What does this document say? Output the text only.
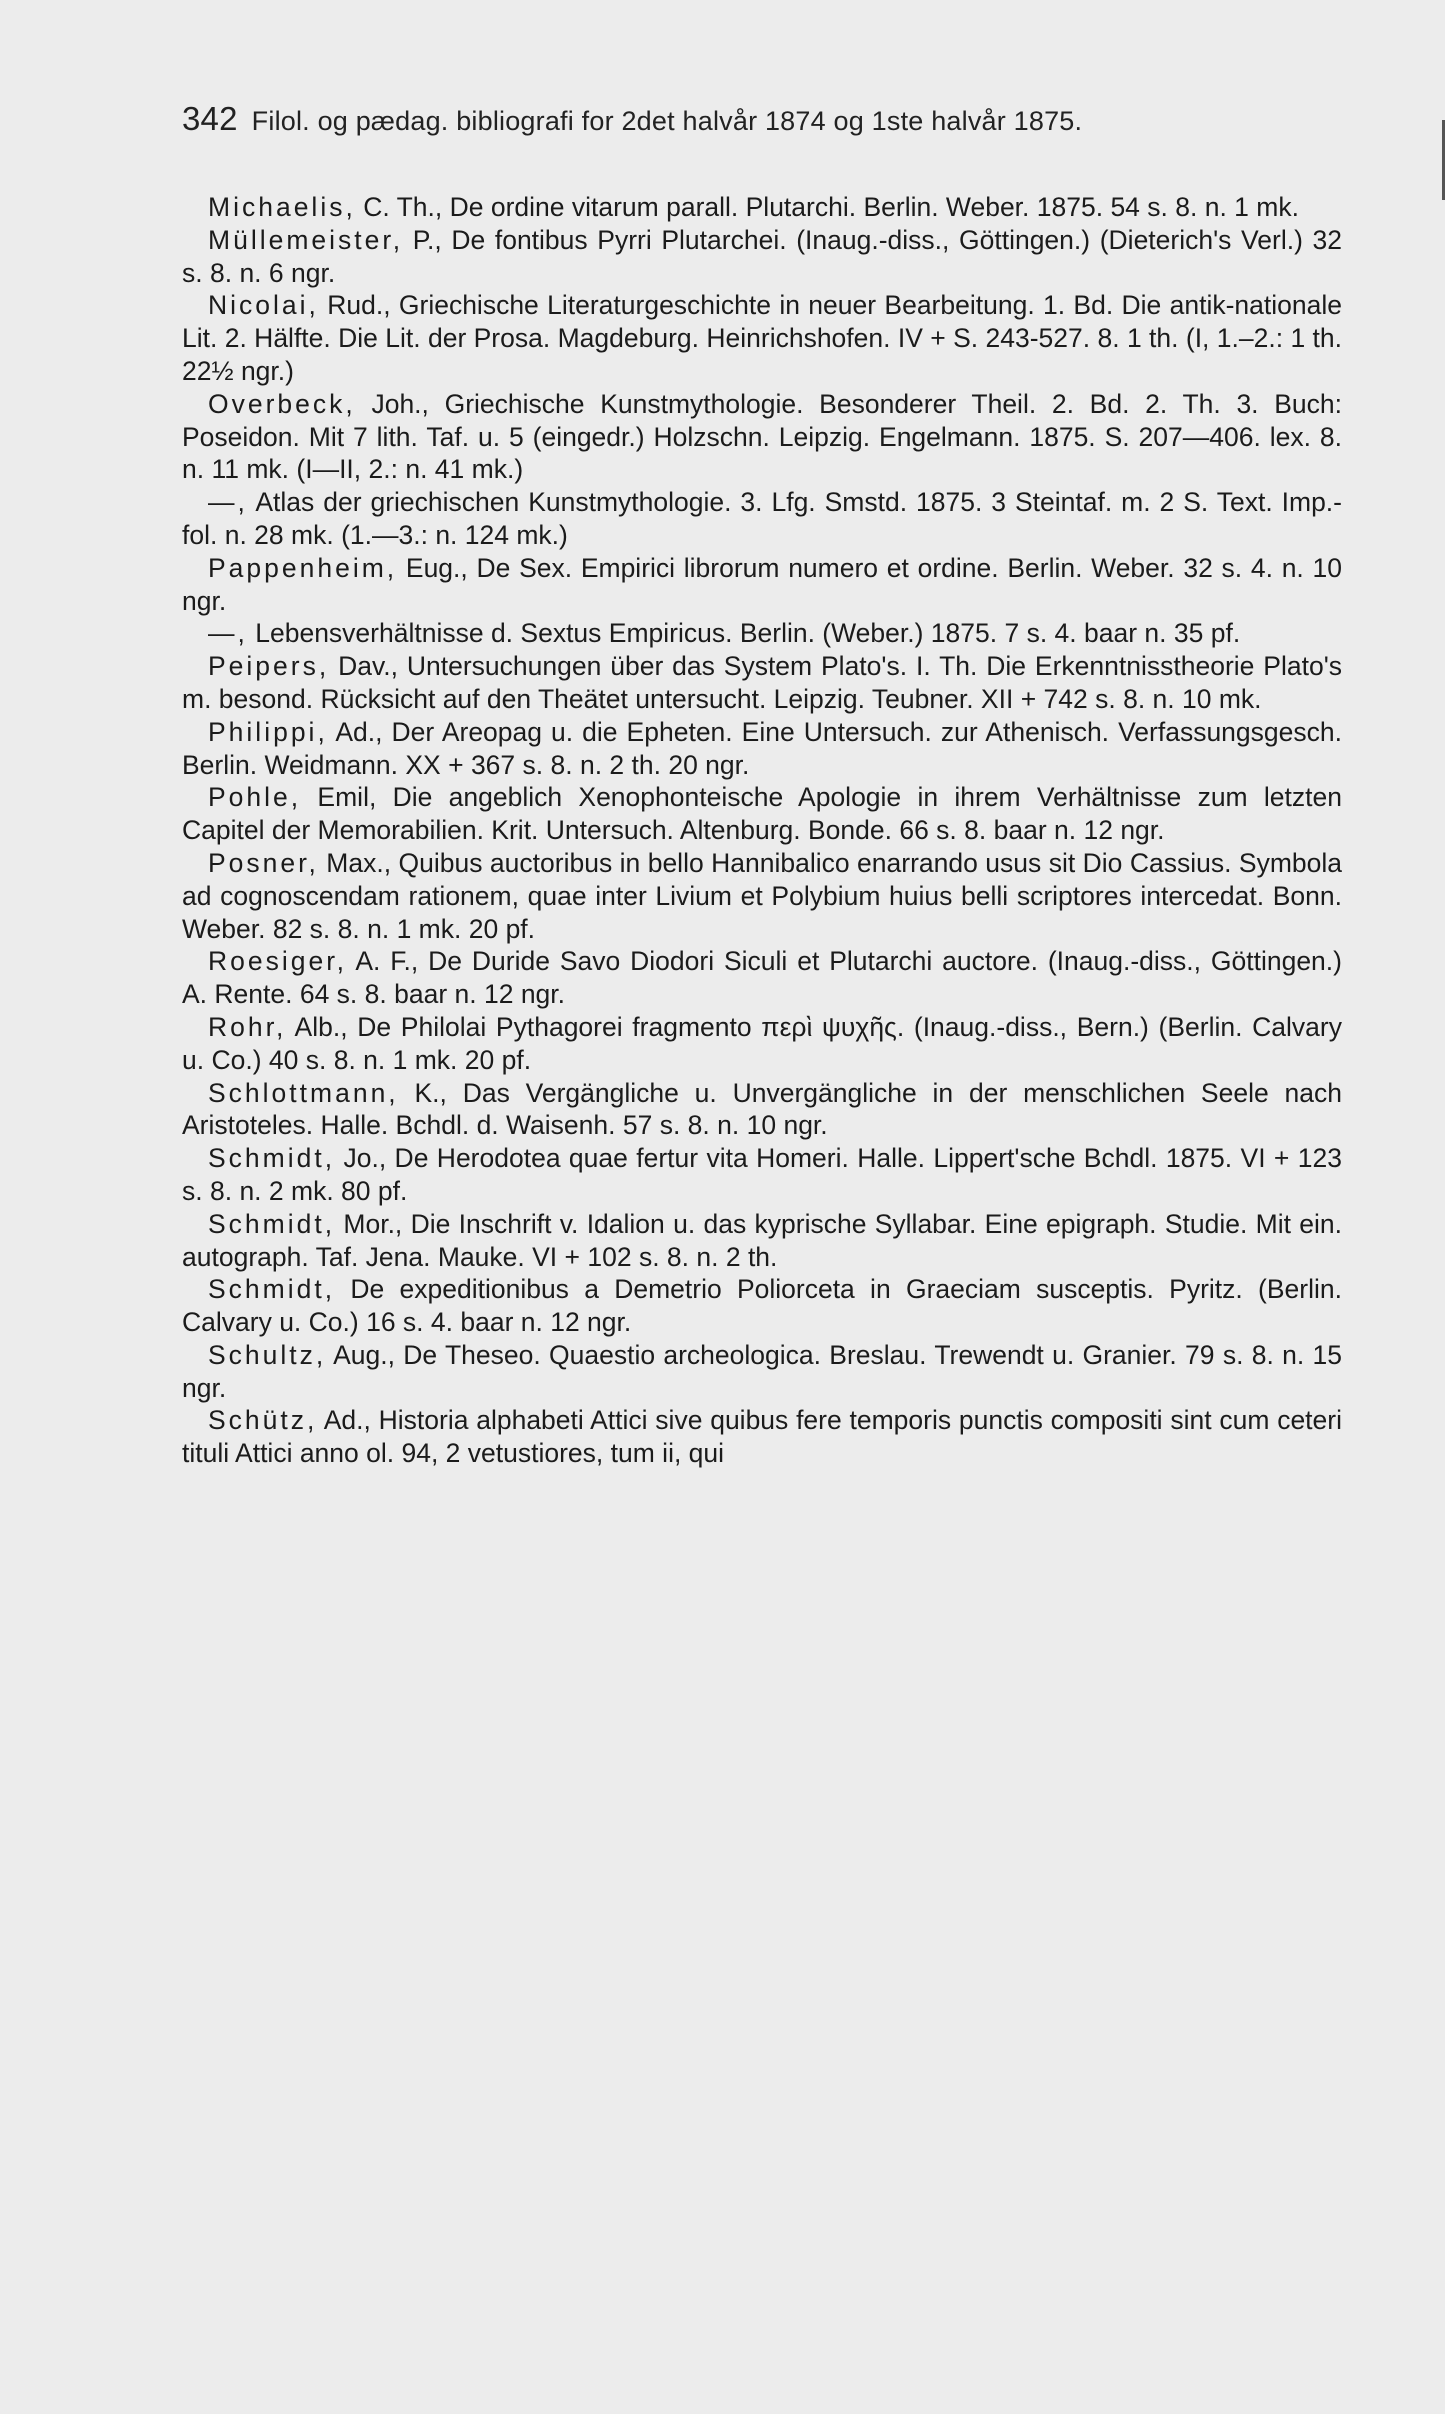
342 Filol. og pædag. bibliografi for 2det halvår 1874 og 1ste halvår 1875.

Michaelis, C. Th., De ordine vitarum parall. Plutarchi. Berlin. Weber. 1875. 54 s. 8. n. 1 mk.

Müllemeister, P., De fontibus Pyrri Plutarchei. (Inaug.-diss., Göttingen.) (Dieterich's Verl.) 32 s. 8. n. 6 ngr.

Nicolai, Rud., Griechische Literaturgeschichte in neuer Bearbeitung. 1. Bd. Die antik-nationale Lit. 2. Hälfte. Die Lit. der Prosa. Magdeburg. Heinrichshofen. IV + S. 243-527. 8. 1 th. (I, 1.–2.: 1 th. 22½ ngr.)

Overbeck, Joh., Griechische Kunstmythologie. Besonderer Theil. 2. Bd. 2. Th. 3. Buch: Poseidon. Mit 7 lith. Taf. u. 5 (eingedr.) Holzschn. Leipzig. Engelmann. 1875. S. 207—406. lex. 8. n. 11 mk. (I—II, 2.: n. 41 mk.)

—, Atlas der griechischen Kunstmythologie. 3. Lfg. Smstd. 1875. 3 Steintaf. m. 2 S. Text. Imp.-fol. n. 28 mk. (1.—3.: n. 124 mk.)

Pappenheim, Eug., De Sex. Empirici librorum numero et ordine. Berlin. Weber. 32 s. 4. n. 10 ngr.

—, Lebensverhältnisse d. Sextus Empiricus. Berlin. (Weber.) 1875. 7 s. 4. baar n. 35 pf.

Peipers, Dav., Untersuchungen über das System Plato's. I. Th. Die Erkenntnisstheorie Plato's m. besond. Rücksicht auf den Theätet untersucht. Leipzig. Teubner. XII + 742 s. 8. n. 10 mk.

Philippi, Ad., Der Areopag u. die Epheten. Eine Untersuch. zur Athenisch. Verfassungsgesch. Berlin. Weidmann. XX + 367 s. 8. n. 2 th. 20 ngr.

Pohle, Emil, Die angeblich Xenophonteische Apologie in ihrem Verhältnisse zum letzten Capitel der Memorabilien. Krit. Untersuch. Altenburg. Bonde. 66 s. 8. baar n. 12 ngr.

Posner, Max., Quibus auctoribus in bello Hannibalico enarrando usus sit Dio Cassius. Symbola ad cognoscendam rationem, quae inter Livium et Polybium huius belli scriptores intercedat. Bonn. Weber. 82 s. 8. n. 1 mk. 20 pf.

Roesiger, A. F., De Duride Savo Diodori Siculi et Plutarchi auctore. (Inaug.-diss., Göttingen.) A. Rente. 64 s. 8. baar n. 12 ngr.

Rohr, Alb., De Philolai Pythagorei fragmento περὶ ψυχῆς. (Inaug.-diss., Bern.) (Berlin. Calvary u. Co.) 40 s. 8. n. 1 mk. 20 pf.

Schlottmann, K., Das Vergängliche u. Unvergängliche in der menschlichen Seele nach Aristoteles. Halle. Bchdl. d. Waisenh. 57 s. 8. n. 10 ngr.

Schmidt, Jo., De Herodotea quae fertur vita Homeri. Halle. Lippert'sche Bchdl. 1875. VI + 123 s. 8. n. 2 mk. 80 pf.

Schmidt, Mor., Die Inschrift v. Idalion u. das kyprische Syllabar. Eine epigraph. Studie. Mit ein. autograph. Taf. Jena. Mauke. VI + 102 s. 8. n. 2 th.

Schmidt, De expeditionibus a Demetrio Poliorceta in Graeciam susceptis. Pyritz. (Berlin. Calvary u. Co.) 16 s. 4. baar n. 12 ngr.

Schultz, Aug., De Theseo. Quaestio archeologica. Breslau. Trewendt u. Granier. 79 s. 8. n. 15 ngr.

Schütz, Ad., Historia alphabeti Attici sive quibus fere temporis punctis compositi sint cum ceteri tituli Attici anno ol. 94, 2 vetustiores, tum ii, qui
